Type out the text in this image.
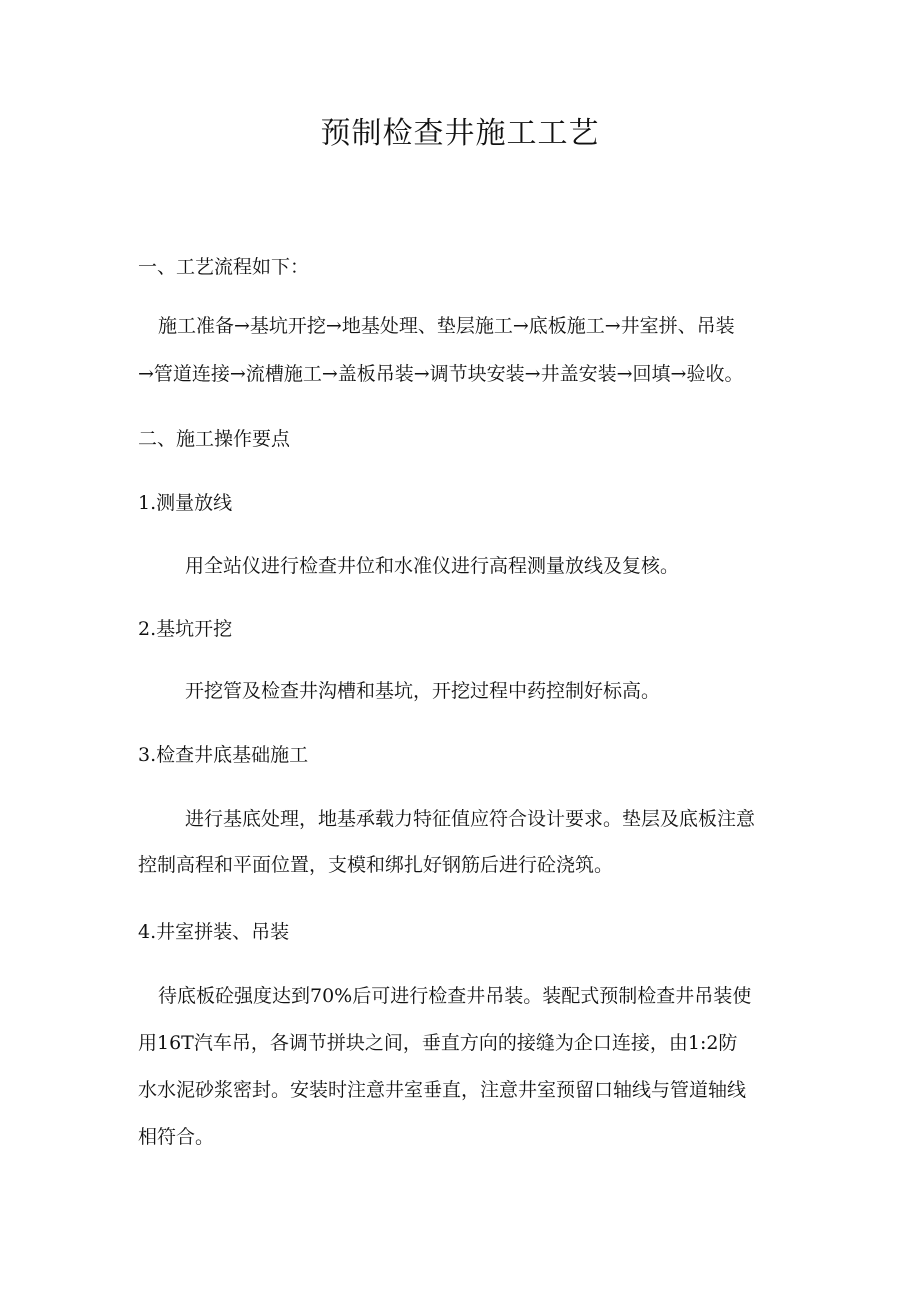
预制检查井施工工艺
一、工艺流程如下：
施工准备→基坑开挖→地基处理、垫层施工→底板施工→井室拼、吊装
→管道连接→流槽施工→盖板吊装→调节块安装→井盖安装→回填→验收。
二、施工操作要点
1.测量放线
用全站仪进行检查井位和水准仪进行高程测量放线及复核。
2.基坑开挖
开挖管及检查井沟槽和基坑，开挖过程中药控制好标高。
3.检查井底基础施工
进行基底处理，地基承载力特征值应符合设计要求。垫层及底板注意
控制高程和平面位置，支模和绑扎好钢筋后进行砼浇筑。
4.井室拼装、吊装
待底板砼强度达到70%后可进行检查井吊装。装配式预制检查井吊装使
用16T汽车吊，各调节拼块之间，垂直方向的接缝为企口连接，由1:2防
水水泥砂浆密封。安装时注意井室垂直，注意井室预留口轴线与管道轴线
相符合。
